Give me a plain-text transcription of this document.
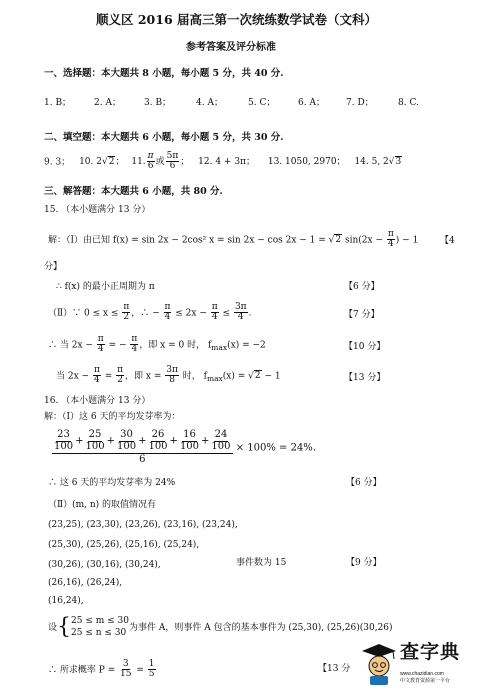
顺义区 2016 届高三第一次统练数学试卷（文科）
参考答案及评分标准
一、选择题：本大题共 8 小题，每小题 5 分，共 40 分.
1. B；	2. A；	3. B；	4. A；	5. C；	6. A； 7. D；	8. C.
二、填空题：本大题共 6 小题，每小题 5 分，共 30 分.
9. 3； 10. 2√2； 11. $\frac{\pi}{6}$ 或 $\frac{5\pi}{6}$ ； 12. 4 + 3π； 13. 1050, 2970； 14. 5, 2√3
三、解答题：本大题共 6 小题，共 80 分.
15. （本小题满分 13 分）
解：（Ⅰ）由已知 f(x) = sin 2x − 2cos² x = sin 2x − cos 2x − 1 = √2 $\sin(2x - \frac{\pi}{4}$ ) − 1 【4
分】
∴ f(x) 的最小正周期为 π	【6 分】
（Ⅱ）∵ $0 \le x \le \frac{\pi}{2}$ ，∴ − $\frac{\pi}{4} \le 2x - \frac{\pi}{4} \le \frac{3\pi}{4}$ .	【7 分】
∴ 当 $2x - \frac{\pi}{4}$ = − $\frac{\pi}{4}$ ，即 x = 0 时， $f_{max}(x) = -2$	【10 分】
当 $2x - \frac{\pi}{4} = \frac{\pi}{2}$ ，即 $x = \frac{3\pi}{8}$ 时， $f_{max}(x) = √2 - 1$	【13 分】
16. （本小题满分 13 分）
解：（Ⅰ）这 6 天的平均发芽率为：
$\frac{\frac{23}{100} + \frac{25}{100} + \frac{30}{100} + \frac{26}{100} + \frac{16}{100} + \frac{24}{100}}{6} \times 100\% = 24\%$.
∴ 这 6 天的平均发芽率为 24%	【6 分】
（Ⅱ）(m, n) 的取值情况有
(23,25), (23,30), (23,26), (23,16), (23,24),
(25,30), (25,26), (25,16), (25,24),
(30,26), (30,16), (30,24),
(26,16), (26,24),
(16,24),
事件数为 15	【9 分】
设{ 25 ≤ m ≤ 30
25 ≤ n ≤ 30 为事件 A，则事件 A 包含的基本事件为 (25,30), (25,26)(30,26)
∴ 所求概率 $P = \frac{3}{15} = \frac{1}{5}$	【13 分
查字典
www.chazidian.com
中文教育资源第一平台
